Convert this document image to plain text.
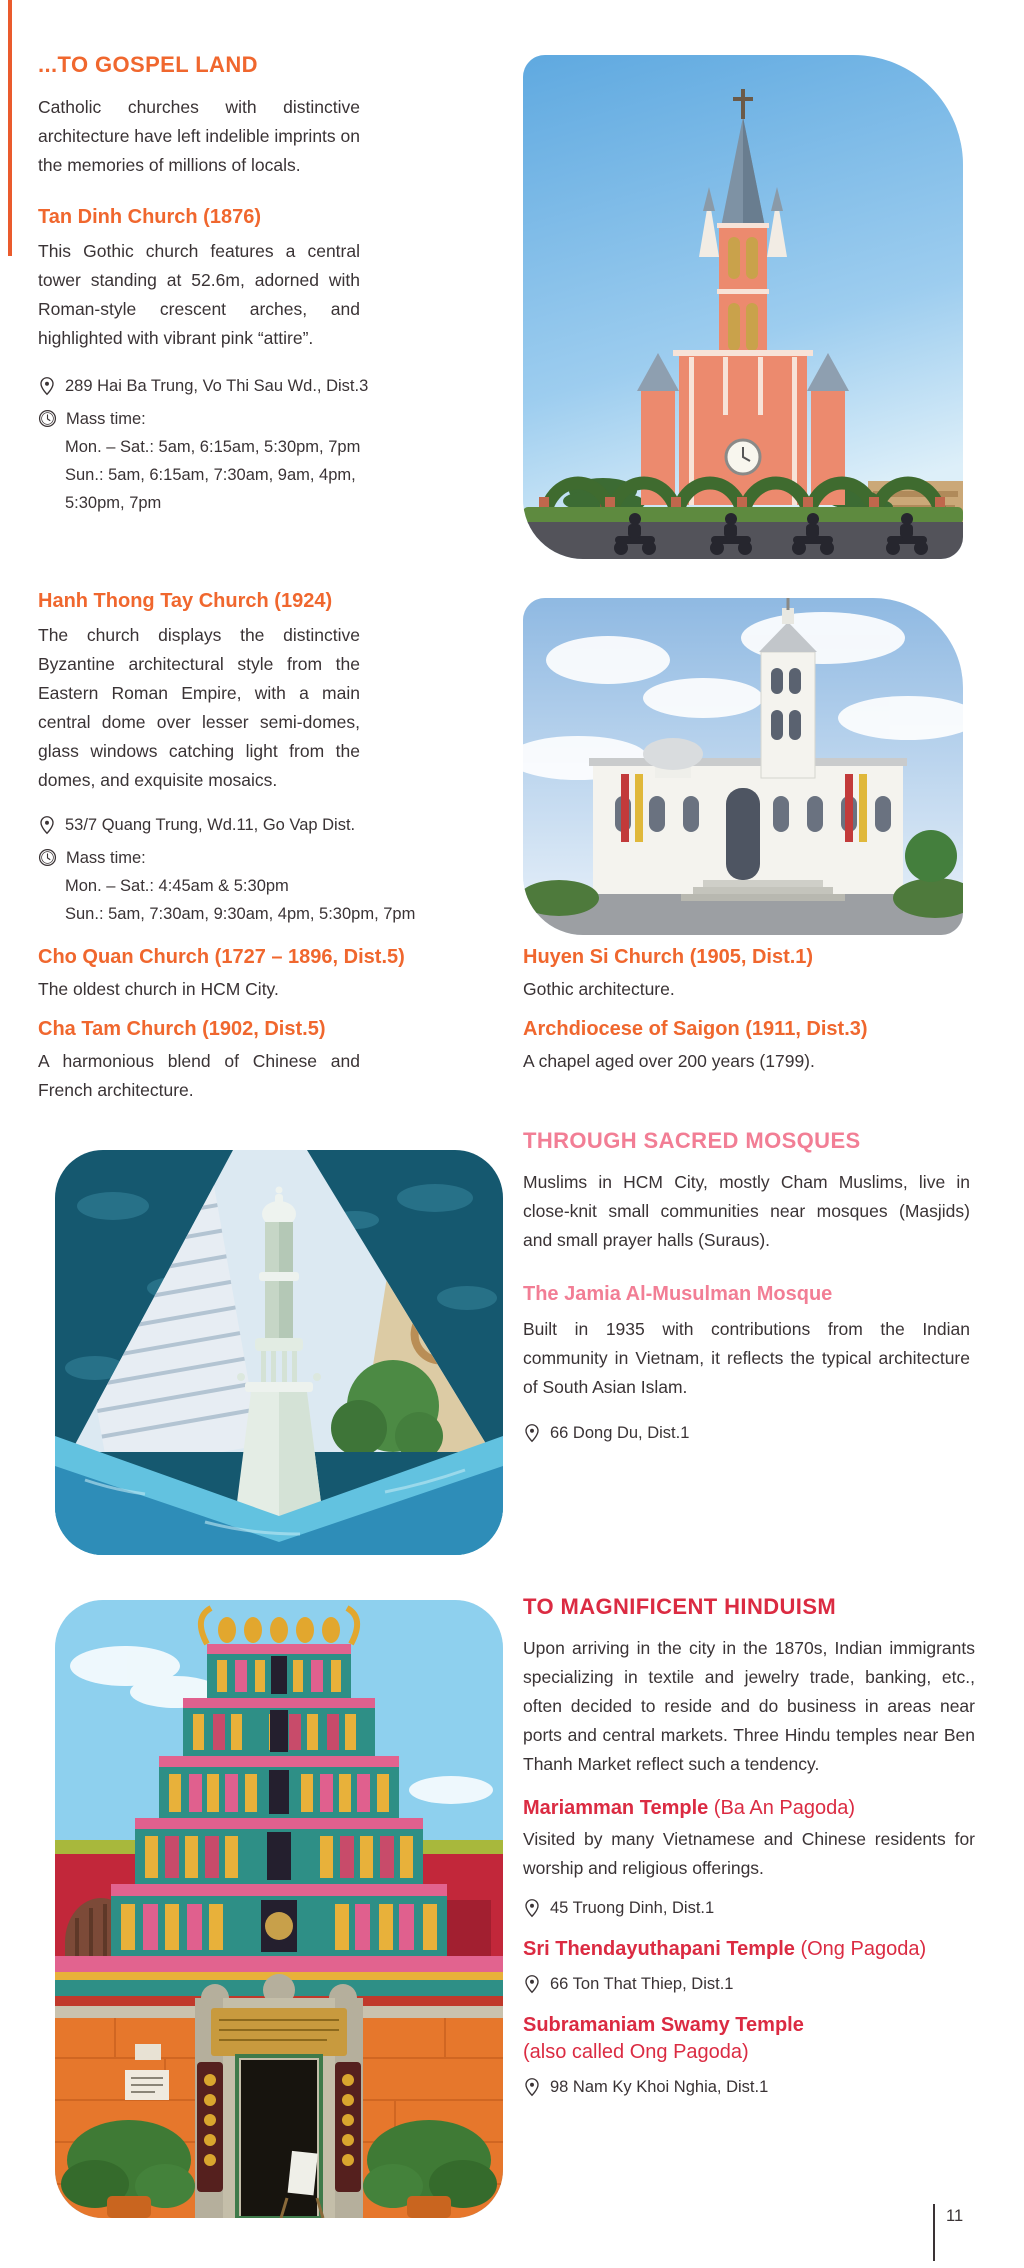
...TO GOSPEL LAND

Catholic churches with distinctive architecture have left indelible imprints on the memories of millions of locals.

Tan Dinh Church (1876)

This Gothic church features a central tower standing at 52.6m, adorned with Roman-style crescent arches, and highlighted with vibrant pink “attire”.

289 Hai Ba Trung, Vo Thi Sau Wd., Dist.3
Mass time:
Mon. – Sat.: 5am, 6:15am, 5:30pm, 7pm
Sun.: 5am, 6:15am, 7:30am, 9am, 4pm,
5:30pm, 7pm
Hanh Thong Tay Church (1924)

The church displays the distinctive Byzantine architectural style from the Eastern Roman Empire, with a main central dome over lesser semi-domes, glass windows catching light from the domes, and exquisite mosaics.

53/7 Quang Trung, Wd.11, Go Vap Dist.
Mass time:
Mon. – Sat.: 4:45am & 5:30pm
Sun.: 5am, 7:30am, 9:30am, 4pm, 5:30pm, 7pm
Cho Quan Church (1727 – 1896, Dist.5)

The oldest church in HCM City.

Cha Tam Church (1902, Dist.5)

A harmonious blend of Chinese and French architecture.

Huyen Si Church (1905, Dist.1)

Gothic architecture.

Archdiocese of Saigon (1911, Dist.3)

A chapel aged over 200 years (1799).

THROUGH SACRED MOSQUES

Muslims in HCM City, mostly Cham Muslims, live in close-knit small communities near mosques (Masjids) and small prayer halls (Suraus).

The Jamia Al-Musulman Mosque

Built in 1935 with contributions from the Indian community in Vietnam, it reflects the typical architecture of South Asian Islam.

66 Dong Du, Dist.1
TO MAGNIFICENT HINDUISM

Upon arriving in the city in the 1870s, Indian immigrants specializing in textile and jewelry trade, banking, etc., often decided to reside and do business in areas near ports and central markets. Three Hindu temples near Ben Thanh Market reflect such a tendency.

Mariamman Temple (Ba An Pagoda)

Visited by many Vietnamese and Chinese residents for worship and religious offerings.

45 Truong Dinh, Dist.1
Sri Thendayuthapani Temple (Ong Pagoda)
66 Ton That Thiep, Dist.1
Subramaniam Swamy Temple
(also called Ong Pagoda)
98 Nam Ky Khoi Nghia, Dist.1
11
